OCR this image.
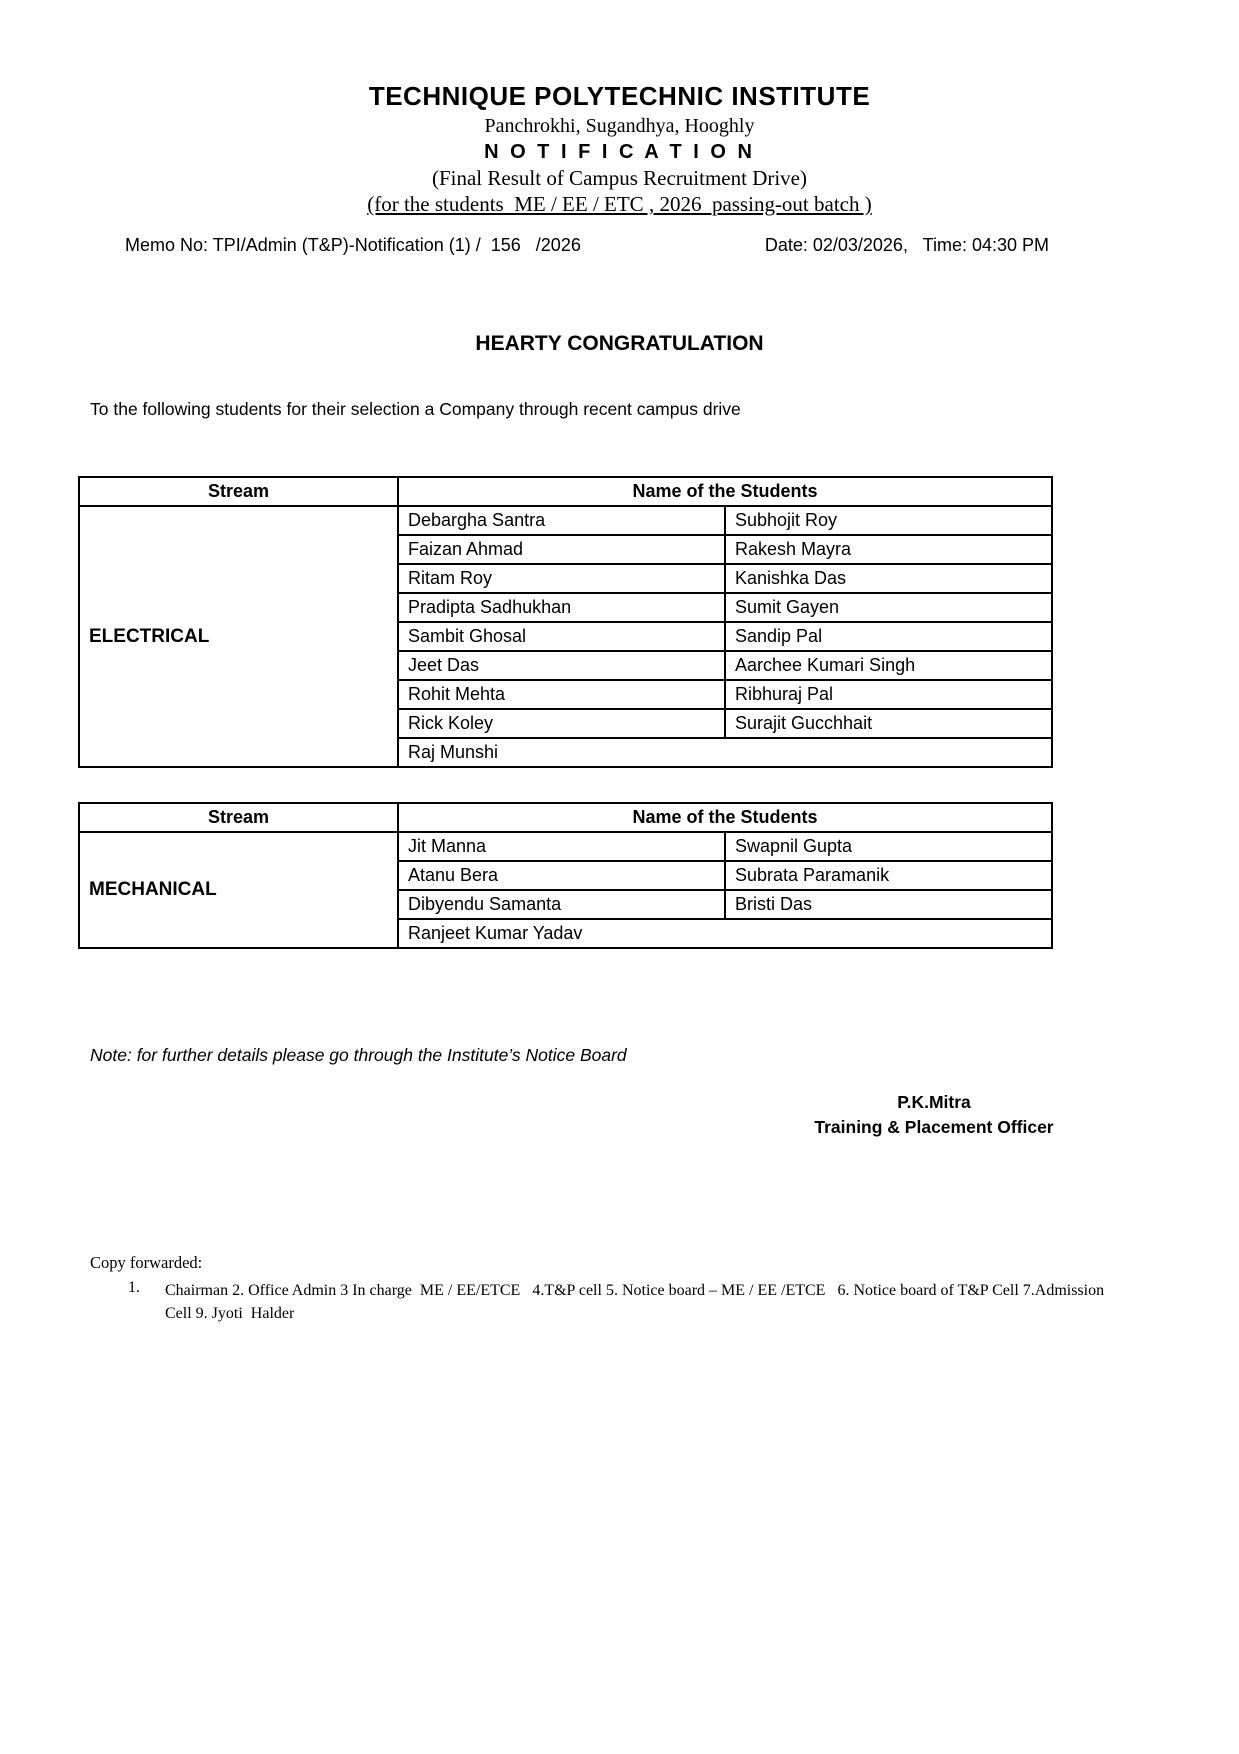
TECHNIQUE POLYTECHNIC INSTITUTE
Panchrokhi, Sugandhya, Hooghly
N O T I F I C A T I O N
(Final Result of Campus Recruitment Drive)
(for the students  ME / EE / ETC , 2026  passing-out batch )
Memo No: TPI/Admin (T&P)-Notification (1) /  156   /2026	Date: 02/03/2026,   Time: 04:30 PM
HEARTY CONGRATULATION
To the following students for their selection a Company through recent campus drive
Stream	Name of the Students	
ELECTRICAL	Debargha Santra	Subhojit Roy
	Faizan Ahmad	Rakesh Mayra
	Ritam Roy	Kanishka Das
	Pradipta Sadhukhan	Sumit Gayen
	Sambit Ghosal	Sandip Pal
	Jeet Das	Aarchee Kumari Singh
	Rohit Mehta	Ribhuraj Pal
	Rick Koley	Surajit Gucchhait
	Raj Munshi	
Stream	Name of the Students	
MECHANICAL	Jit Manna	Swapnil Gupta
	Atanu Bera	Subrata Paramanik
	Dibyendu Samanta	Bristi Das
	Ranjeet Kumar Yadav	
Note: for further details please go through the Institute’s Notice Board
P.K.Mitra
Training & Placement Officer
Copy forwarded:
1.	Chairman 2. Office Admin 3 In charge  ME / EE/ETCE   4.T&P cell 5. Notice board – ME / EE /ETCE   6. Notice board of T&P Cell 7.Admission
Cell 9. Jyoti  Halder
